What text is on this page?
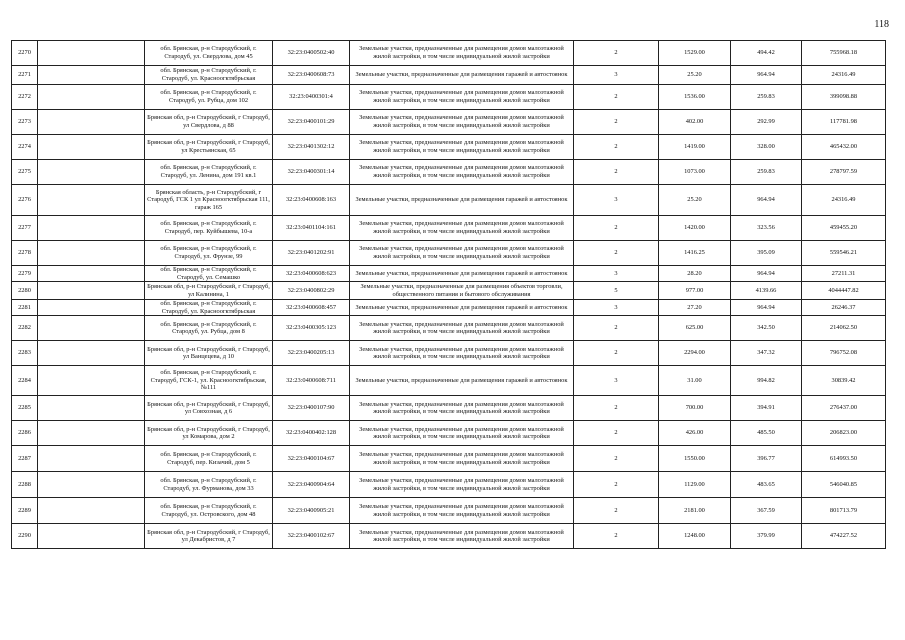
118
2270		обл. Брянская, р-н Стародубский, г. Стародуб, ул. Свердлова, дом 45	32:23:0400502:40	Земельные участки, предназначенные для размещения домов малоэтажной жилой застройки, в том числе индивидуальной жилой застройки	2	1529.00	494.42	755968.18
2271		обл. Брянская, р-н Стародубский, г. Стародуб, ул. Красноогктябрьская	32:23:0400608:73	Земельные участки, предназначенные для размещения гаражей и автостоянок	3	25.20	964.94	24316.49
2272		обл. Брянская, р-н Стародубский, г. Стародуб, ул. Рубца, дом 102	32:23:0400301:4	Земельные участки, предназначенные для размещения домов малоэтажной жилой застройки, в том числе индивидуальной жилой застройки	2	1536.00	259.83	399098.88
2273		Брянская обл, р-н Стародубский, г Стародуб, ул Свердлова, д 88	32:23:0400101:29	Земельные участки, предназначенные для размещения домов малоэтажной жилой застройки, в том числе индивидуальной жилой застройки	2	402.00	292.99	117781.98
2274		Брянская обл, р-н Стародубский, г Стародуб, ул Крестьянская, 65	32:23:0401302:12	Земельные участки, предназначенные для размещения домов малоэтажной жилой застройки, в том числе индивидуальной жилой застройки	2	1419.00	328.00	465432.00
2275		обл. Брянская, р-н Стародубский, г. Стародуб, ул. Ленина, дом 191 кв.1	32:23:0400301:14	Земельные участки, предназначенные для размещения домов малоэтажной жилой застройки, в том числе индивидуальной жилой застройки	2	1073.00	259.83	278797.59
2276		Брянская область, р-н Стародубский, г Стародуб, ГСК 1 ул Красноогктябрьская 111, гараж 165	32:23:0400608:163	Земельные участки, предназначенные для размещения гаражей и автостоянок	3	25.20	964.94	24316.49
2277		обл. Брянская, р-н Стародубский, г. Стародуб, пер. Куйбышева, 10-а	32:23:0401104:161	Земельные участки, предназначенные для размещения домов малоэтажной жилой застройки, в том числе индивидуальной жилой застройки	2	1420.00	323.56	459455.20
2278		обл. Брянская, р-н Стародубский, г. Стародуб, ул. Фрунзе, 99	32:23:0401202:91	Земельные участки, предназначенные для размещения домов малоэтажной жилой застройки, в том числе индивидуальной жилой застройки	2	1416.25	395.09	559546.21
2279		обл. Брянская, р-н Стародубский, г. Стародуб, ул. Семашко	32:23:0400608:623	Земельные участки, предназначенные для размещения гаражей и автостоянок	3	28.20	964.94	27211.31
2280		Брянская обл, р-н Стародубский, г Стародуб, ул Калинина, 1	32:23:0400802:29	Земельные участки, предназначенные для размещения объектов торговли, общественного питания и бытового обслуживания	5	977.00	4139.66	4044447.82
2281		обл. Брянская, р-н Стародубский, г. Стародуб, ул. Красноогктябрьская	32:23:0400608:457	Земельные участки, предназначенные для размещения гаражей и автостоянок	3	27.20	964.94	26246.37
2282		обл. Брянская, р-н Стародубский, г. Стародуб, ул. Рубца, дом 8	32:23:0400305:123	Земельные участки, предназначенные для размещения домов малоэтажной жилой застройки, в том числе индивидуальной жилой застройки	2	625.00	342.50	214062.50
2283		Брянская обл, р-н Стародубский, г Стародуб, ул Ванцецева, д 10	32:23:0400205:13	Земельные участки, предназначенные для размещения домов малоэтажной жилой застройки, в том числе индивидуальной жилой застройки	2	2294.00	347.32	796752.08
2284		обл. Брянская, р-н Стародубский, г. Стародуб, ГСК-1, ул. Красноогктябрьская, №111	32:23:0400608:711	Земельные участки, предназначенные для размещения гаражей и автостоянок	3	31.00	994.82	30839.42
2285		Брянская обл, р-н Стародубский, г Стародуб, ул Совхозная, д 6	32:23:0400107:90	Земельные участки, предназначенные для размещения домов малоэтажной жилой застройки, в том числе индивидуальной жилой застройки	2	700.00	394.91	276437.00
2286		Брянская обл, р-н Стародубский, г Стародуб, ул Комарова, дом 2	32:23:0400402:128	Земельные участки, предназначенные для размещения домов малоэтажной жилой застройки, в том числе индивидуальной жилой застройки	2	426.00	485.50	206823.00
2287		обл. Брянская, р-н Стародубский, г. Стародуб, пер. Кизачий, дом 5	32:23:0400104:67	Земельные участки, предназначенные для размещения домов малоэтажной жилой застройки, в том числе индивидуальной жилой застройки	2	1550.00	396.77	614993.50
2288		обл. Брянская, р-н Стародубский, г. Стародуб, ул. Фурманова, дом 33	32:23:0400904:64	Земельные участки, предназначенные для размещения домов малоэтажной жилой застройки, в том числе индивидуальной жилой застройки	2	1129.00	483.65	546040.85
2289		обл. Брянская, р-н Стародубский, г. Стародуб, ул. Островского, дом 48	32:23:0400905:21	Земельные участки, предназначенные для размещения домов малоэтажной жилой застройки, в том числе индивидуальной жилой застройки	2	2181.00	367.59	801713.79
2290		Брянская обл, р-н Стародубский, г Стародуб, ул Декабристов, д 7	32:23:0400102:67	Земельные участки, предназначенные для размещения домов малоэтажной жилой застройки, в том числе индивидуальной жилой застройки	2	1248.00	379.99	474227.52
